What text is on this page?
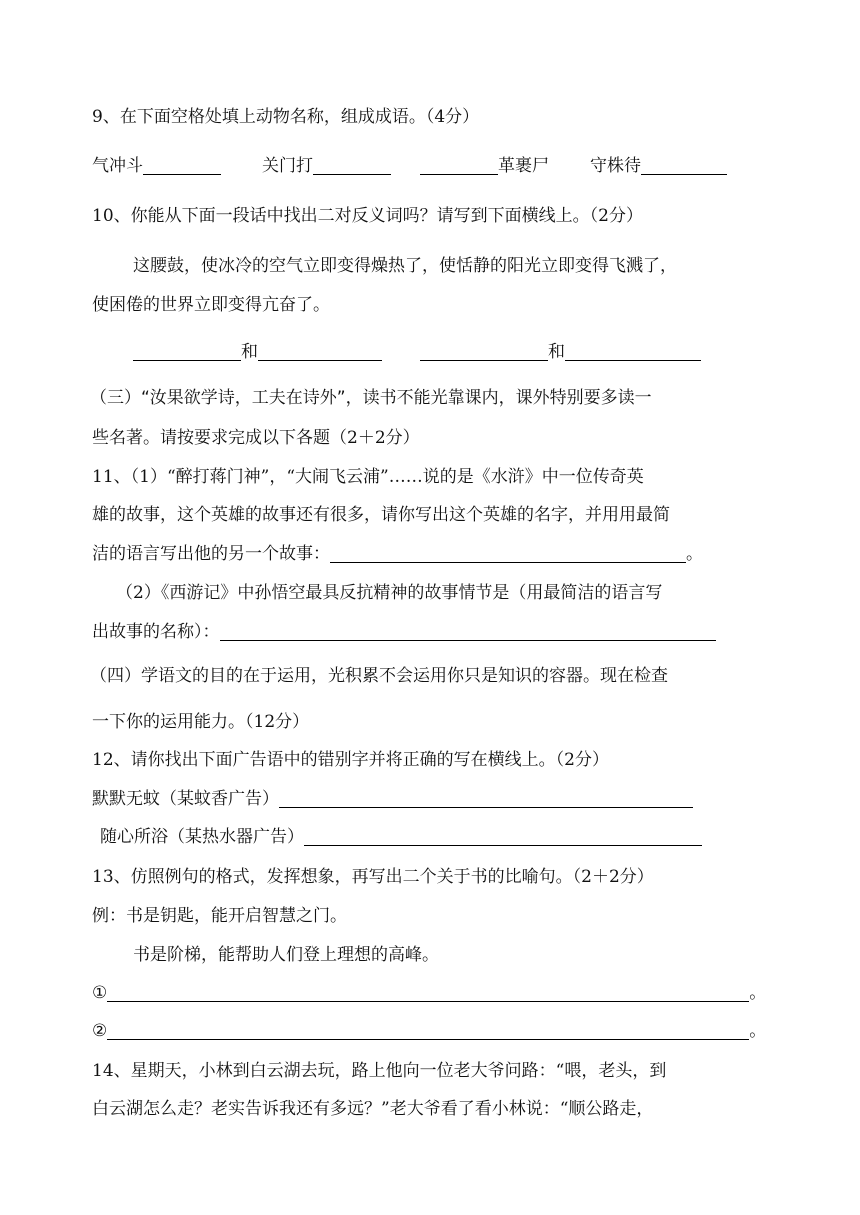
9、在下面空格处填上动物名称，组成成语。（4分）
气冲斗	关门打	革裹尸 守株待
10、你能从下面一段话中找出二对反义词吗？请写到下面横线上。（2分）
这腰鼓，使冰冷的空气立即变得燥热了，使恬静的阳光立即变得飞溅了，
使困倦的世界立即变得亢奋了。
和	和
（三）“汝果欲学诗，工夫在诗外”，读书不能光靠课内，课外特别要多读一
些名著。请按要求完成以下各题（2＋2分）
11、（1）“醉打蒋门神”，“大闹飞云浦”……说的是《水浒》中一位传奇英
雄的故事，这个英雄的故事还有很多，请你写出这个英雄的名字，并用用最简
洁的语言写出他的另一个故事：	。
（2）《西游记》中孙悟空最具反抗精神的故事情节是（用最简洁的语言写
出故事的名称）：
（四）学语文的目的在于运用，光积累不会运用你只是知识的容器。现在检查
一下你的运用能力。（12分）
12、请你找出下面广告语中的错别字并将正确的写在横线上。（2分）
默默无蚊（某蚊香广告）
随心所浴（某热水器广告）
13、仿照例句的格式，发挥想象，再写出二个关于书的比喻句。（2＋2分）
例：书是钥匙，能开启智慧之门。
书是阶梯，能帮助人们登上理想的高峰。
①	。
②	。
14、星期天，小林到白云湖去玩，路上他向一位老大爷问路：“喂，老头，到
白云湖怎么走？老实告诉我还有多远？”老大爷看了看小林说：“顺公路走，
